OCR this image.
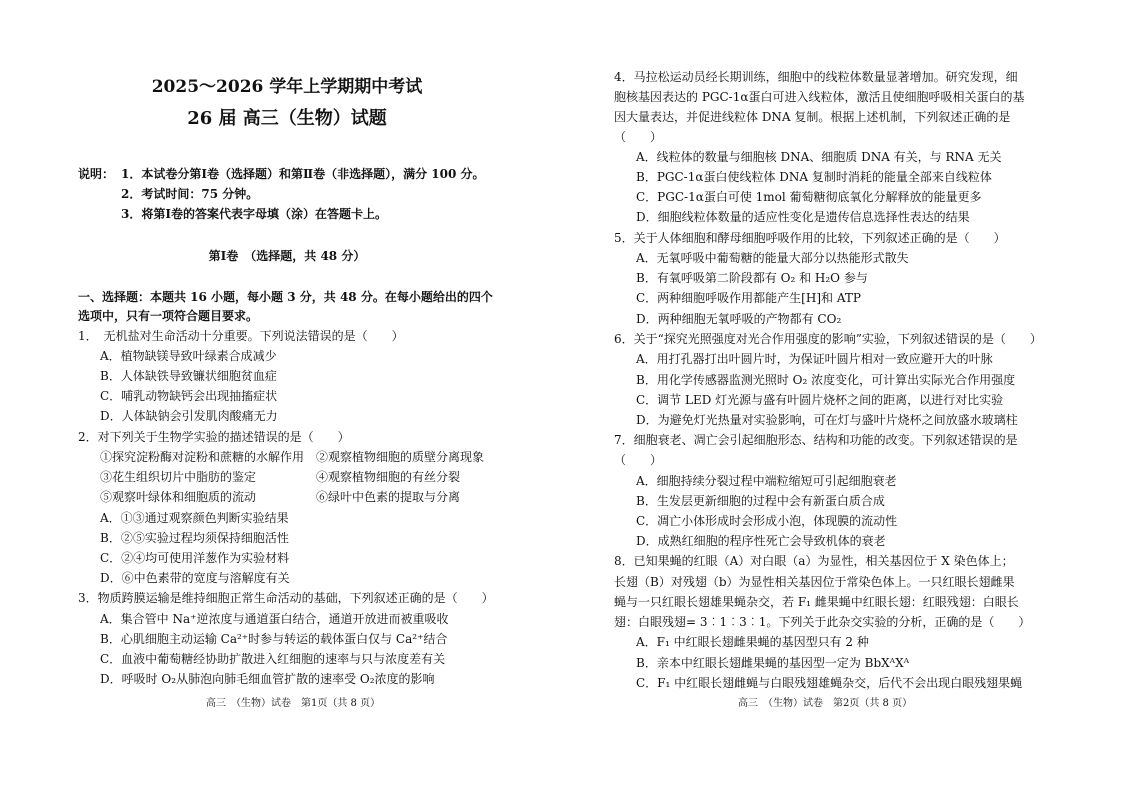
2025～2026 学年上学期期中考试
26 届 高三（生物）试题
说明： 1．本试卷分第Ⅰ卷（选择题）和第Ⅱ卷（非选择题），满分 100 分。
2．考试时间：75 分钟。
3．将第Ⅰ卷的答案代表字母填（涂）在答题卡上。
第Ⅰ卷　（选择题，共 48 分）
一、选择题：本题共 16 小题，每小题 3 分，共 48 分。在每小题给出的四个
选项中，只有一项符合题目要求。
1．　无机盐对生命活动十分重要。下列说法错误的是（　　）
A．植物缺镁导致叶绿素合成减少
B．人体缺铁导致镰状细胞贫血症
C．哺乳动物缺钙会出现抽搐症状
D．人体缺钠会引发肌肉酸痛无力
2．对下列关于生物学实验的描述错误的是（　　）
①探究淀粉酶对淀粉和蔗糖的水解作用　②观察植物细胞的质壁分离现象
③花生组织切片中脂肪的鉴定　　　　　④观察植物细胞的有丝分裂
⑤观察叶绿体和细胞质的流动　　　　　⑥绿叶中色素的提取与分离
A．①③通过观察颜色判断实验结果
B．②⑤实验过程均须保持细胞活性
C．②④均可使用洋葱作为实验材料
D．⑥中色素带的宽度与溶解度有关
3．物质跨膜运输是维持细胞正常生命活动的基础，下列叙述正确的是（　　）
A．集合管中 Na⁺逆浓度与通道蛋白结合，通道开放进而被重吸收
B．心肌细胞主动运输 Ca²⁺时参与转运的载体蛋白仅与 Ca²⁺结合
C．血液中葡萄糖经协助扩散进入红细胞的速率与只与浓度差有关
D．呼吸时 O₂从肺泡向肺毛细血管扩散的速率受 O₂浓度的影响
4．马拉松运动员经长期训练，细胞中的线粒体数量显著增加。研究发现，细
胞核基因表达的 PGC-1α蛋白可进入线粒体，激活且使细胞呼吸相关蛋白的基
因大量表达，并促进线粒体 DNA 复制。根据上述机制，下列叙述正确的是
（　　）
A．线粒体的数量与细胞核 DNA、细胞质 DNA 有关，与 RNA 无关
B．PGC-1α蛋白使线粒体 DNA 复制时消耗的能量全部来自线粒体
C．PGC-1α蛋白可使 1mol 葡萄糖彻底氧化分解释放的能量更多
D．细胞线粒体数量的适应性变化是遗传信息选择性表达的结果
5．关于人体细胞和酵母细胞呼吸作用的比较，下列叙述正确的是（　　）
A．无氧呼吸中葡萄糖的能量大部分以热能形式散失
B．有氧呼吸第二阶段都有 O₂ 和 H₂O 参与
C．两种细胞呼吸作用都能产生[H]和 ATP
D．两种细胞无氧呼吸的产物都有 CO₂
6．关于“探究光照强度对光合作用强度的影响”实验，下列叙述错误的是（　　）
A．用打孔器打出叶圆片时，为保证叶圆片相对一致应避开大的叶脉
B．用化学传感器监测光照时 O₂ 浓度变化，可计算出实际光合作用强度
C．调节 LED 灯光源与盛有叶圆片烧杯之间的距离，以进行对比实验
D．为避免灯光热量对实验影响，可在灯与盛叶片烧杯之间放盛水玻璃柱
7．细胞衰老、凋亡会引起细胞形态、结构和功能的改变。下列叙述错误的是
（　　）
A．细胞持续分裂过程中端粒缩短可引起细胞衰老
B．生发层更新细胞的过程中会有新蛋白质合成
C．凋亡小体形成时会形成小泡，体现膜的流动性
D．成熟红细胞的程序性死亡会导致机体的衰老
8．已知果蝇的红眼（A）对白眼（a）为显性，相关基因位于 X 染色体上；
长翅（B）对残翅（b）为显性相关基因位于常染色体上。一只红眼长翅雌果
蝇与一只红眼长翅雄果蝇杂交，若 F₁ 雌果蝇中红眼长翅：红眼残翅：白眼长
翅：白眼残翅= 3︰1︰3︰1。下列关于此杂交实验的分析，正确的是（　　）
A．F₁ 中红眼长翅雌果蝇的基因型只有 2 种
B．亲本中红眼长翅雌果蝇的基因型一定为 BbXᴬXᴬ
C．F₁ 中红眼长翅雌蝇与白眼残翅雄蝇杂交，后代不会出现白眼残翅果蝇
高三　（生物）试卷　第1页（共 8 页）	高三　（生物）试卷　第2页（共 8 页）
